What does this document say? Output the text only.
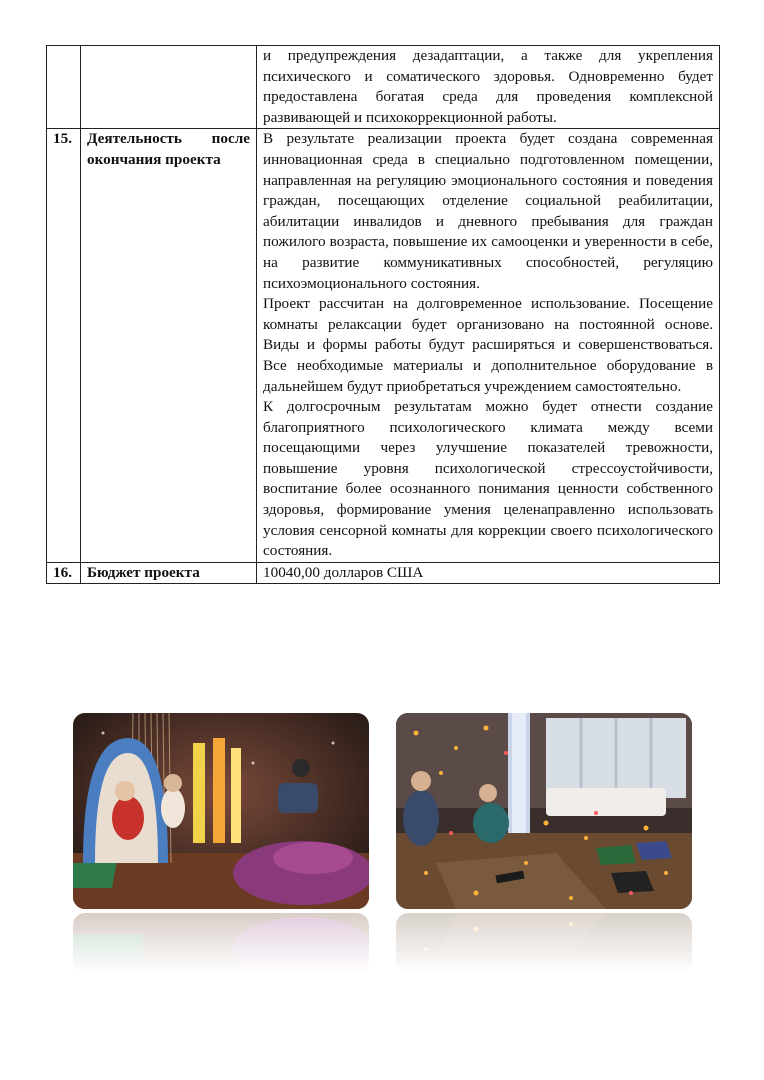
		и предупреждения дезадаптации, а также для укрепления психического и соматического здоровья. Одновременно будет предоставлена богатая среда для проведения комплексной развивающей и психокоррекционной работы.

15.	Деятельность после окончания проекта	В результате реализации проекта будет создана современная инновационная среда в специально подготовленном помещении, направленная на регуляцию эмоционального состояния и поведения граждан, посещающих отделение социальной реабилитации, абилитации инвалидов и дневного пребывания для граждан пожилого возраста, повышение их самооценки и уверенности в себе, на развитие коммуникативных способностей, регуляцию психоэмоционального состояния.

Проект рассчитан на долговременное использование. Посещение комнаты релаксации будет организовано на постоянной основе. Виды и формы работы будут расширяться и совершенствоваться. Все необходимые материалы и дополнительное оборудование в дальнейшем будут приобретаться учреждением самостоятельно.

К долгосрочным результатам можно будет отнести создание благоприятного психологического климата между всеми посещающими через улучшение показателей тревожности, повышение уровня психологической стрессоустойчивости, воспитание более осознанного понимания ценности собственного здоровья, формирование умения целенаправленно использовать условия сенсорной комнаты для коррекции своего психологического состояния.

16.	Бюджет проекта	10040,00 долларов США
